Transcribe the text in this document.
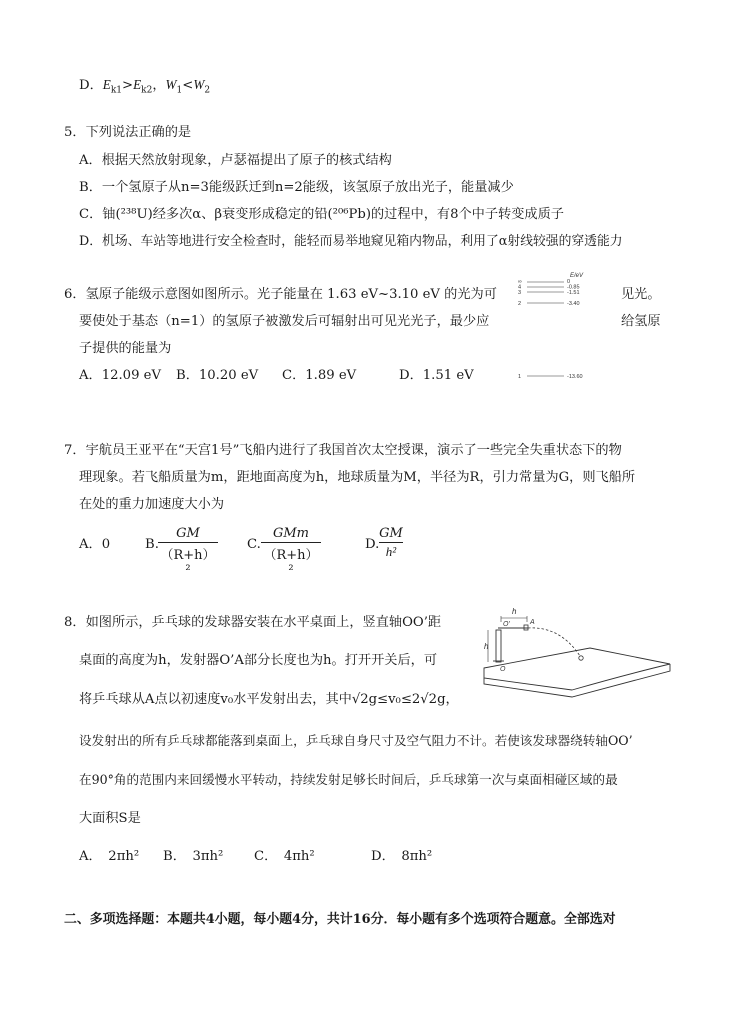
D．$E_{k1}>E_{k2}$，$W_1<W_2$
5．下列说法正确的是
A．根据天然放射现象，卢瑟福提出了原子的核式结构
B．一个氢原子从n=3能级跃迁到n=2能级，该氢原子放出光子，能量减少
C．铀(²³⁸U)经多次α、β衰变形成稳定的铅(²⁰⁶Pb)的过程中，有8个中子转变成质子
D．机场、车站等地进行安全检查时，能轻而易举地窥见箱内物品，利用了α射线较强的穿透能力
6．氢原子能级示意图如图所示。光子能量在 1.63 eV~3.10 eV 的光为可	见光。
要使处于基态（n=1）的氢原子被激发后可辐射出可见光光子，最少应	给氢原
子提供的能量为
A．12.09 eV B．10.20 eV C．1.89 eV	D．1.51 eV
E/eV
∞	0
4	-0.85
3	-1.51
2	-3.40
1	-13.60
7．宇航员王亚平在“天宫1号”飞船内进行了我国首次太空授课，演示了一些完全失重状态下的物
理现象。若飞船质量为m，距地面高度为h，地球质量为M，半径为R，引力常量为G，则飞船所
在处的重力加速度大小为
A．0	B.
GM
（R+h）²
C.
GMm
（R+h）²
D.
GM
h²
8．如图所示，乒乓球的发球器安装在水平桌面上，竖直轴OO’距
桌面的高度为h，发射器O’A部分长度也为h。打开开关后，可
将乒乓球从A点以初速度v₀水平发射出去，其中√2g≤v₀≤2√2g，
设发射出的所有乒乓球都能落到桌面上，乒乓球自身尺寸及空气阻力不计。若使该发球器绕转轴OO’
在90°角的范围内来回缓慢水平转动，持续发射足够长时间后，乒乓球第一次与桌面相碰区域的最
大面积S是
A．　2πh² B．　3πh² C．　4πh²	D．　8πh²
h
h
O'	A
O
二、多项选择题：本题共4小题，每小题4分，共计16分．每小题有多个选项符合题意。全部选对
